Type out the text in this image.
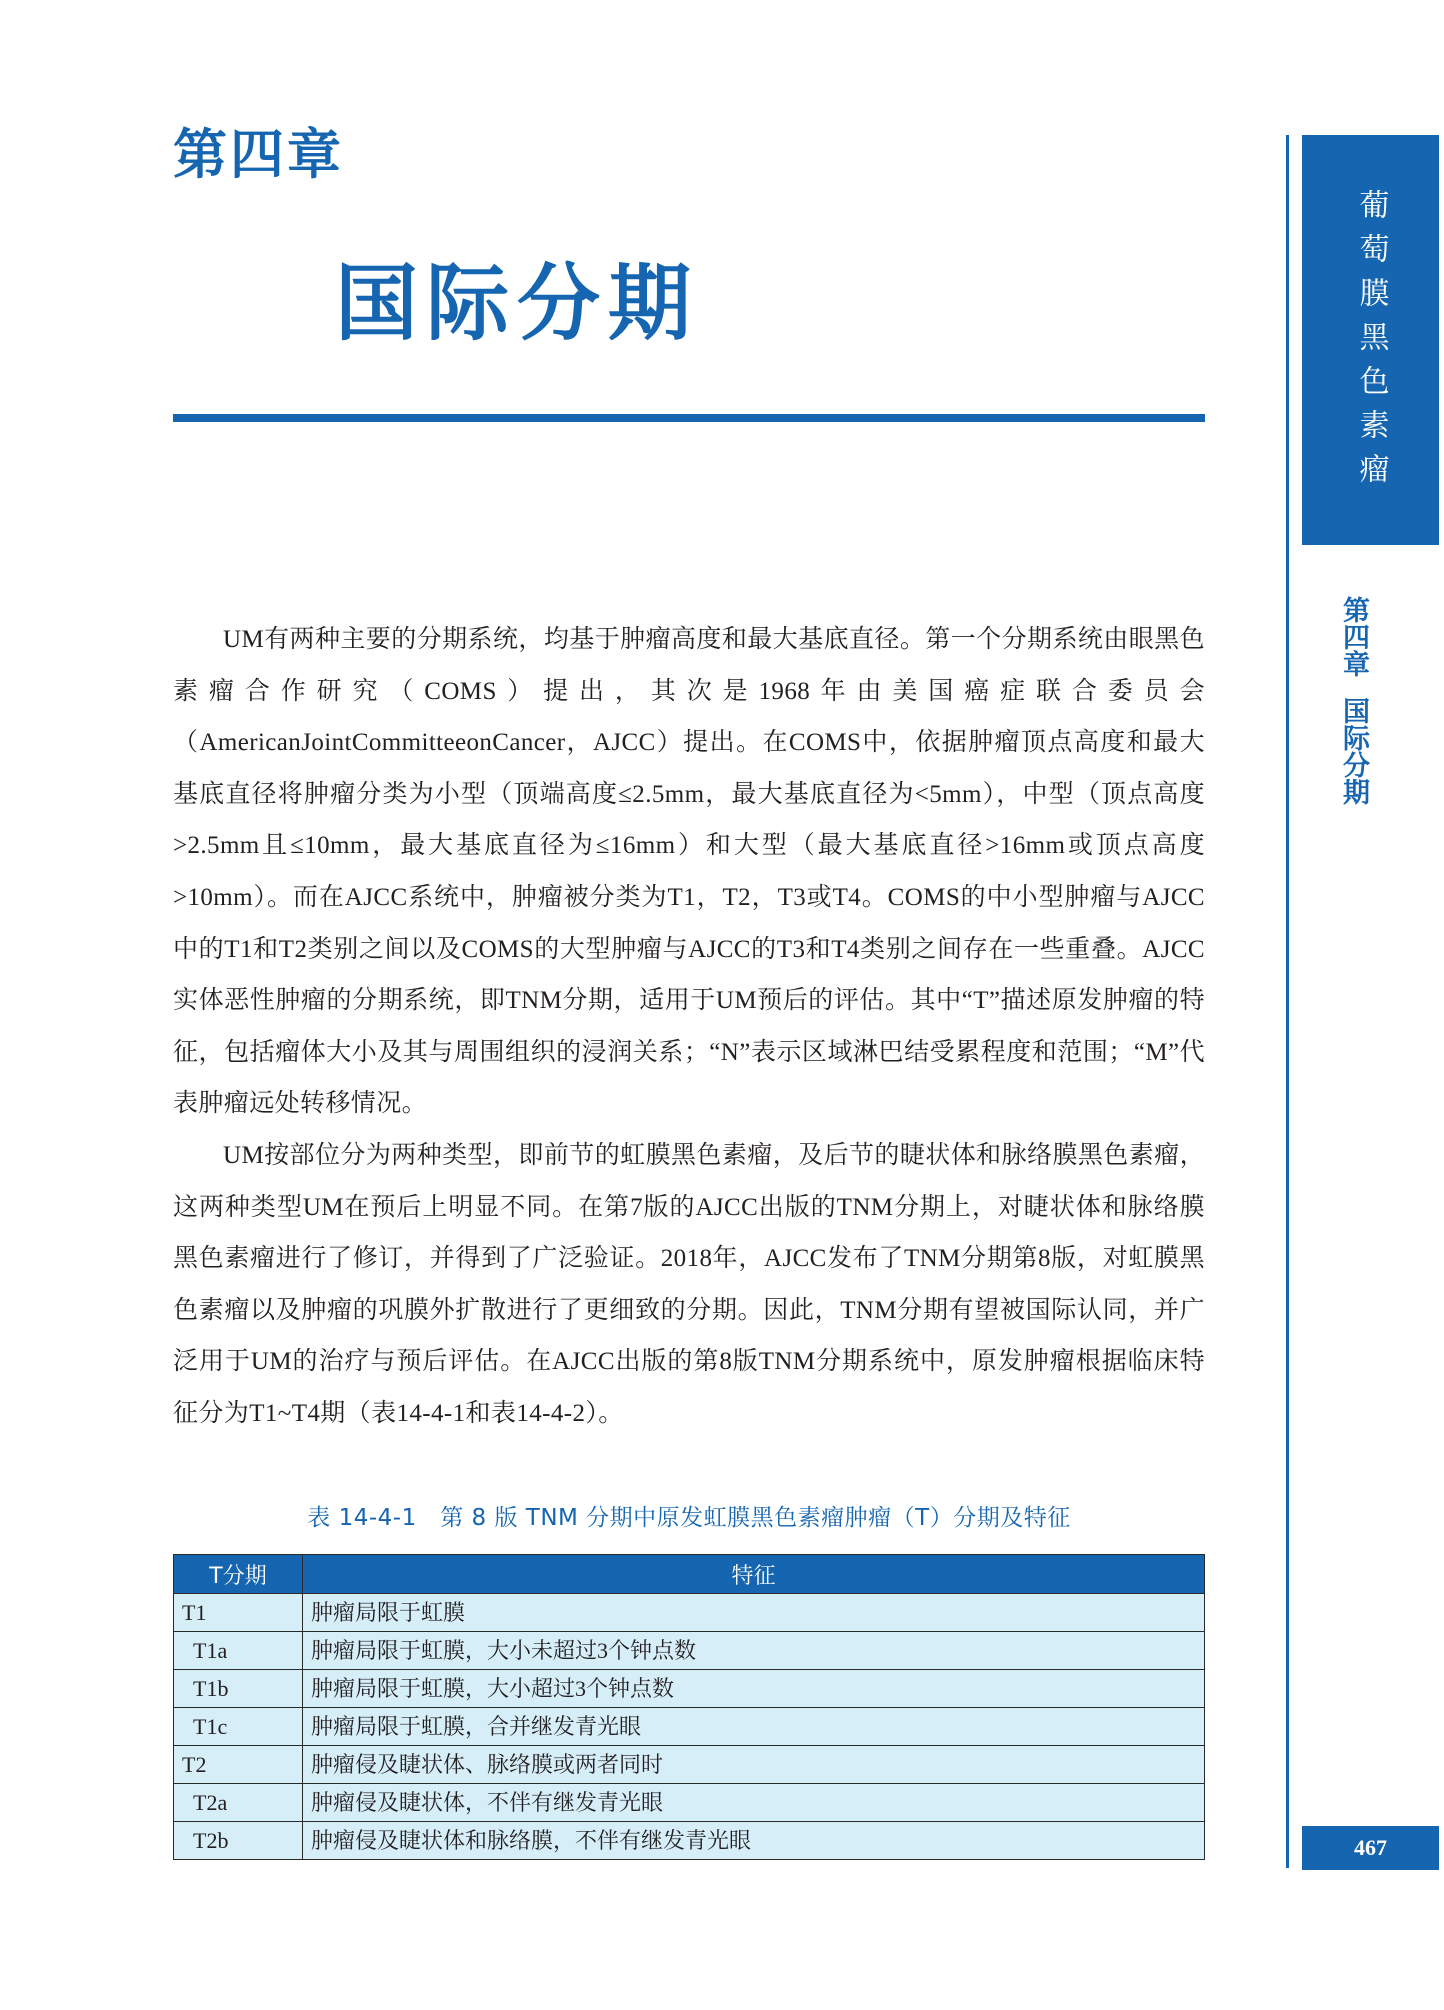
第四章
国际分期	葡萄膜黑色素瘤
第四章
国际分期
467

UM有两种主要的分期系统，均基于肿瘤高度和最大基底直径。第一个分期系统由眼黑色素瘤合作研究（COMS）提出，其次是1968年由美国癌症联合委员会（AmericanJointCommitteeonCancer，AJCC）提出。在COMS中，依据肿瘤顶点高度和最大基底直径将肿瘤分类为小型（顶端高度≤2.5mm，最大基底直径为<5mm），中型（顶点高度>2.5mm且≤10mm，最大基底直径为≤16mm）和大型（最大基底直径>16mm或顶点高度>10mm）。而在AJCC系统中，肿瘤被分类为T1，T2，T3或T4。COMS的中小型肿瘤与AJCC中的T1和T2类别之间以及COMS的大型肿瘤与AJCC的T3和T4类别之间存在一些重叠。AJCC实体恶性肿瘤的分期系统，即TNM分期，适用于UM预后的评估。其中“T”描述原发肿瘤的特征，包括瘤体大小及其与周围组织的浸润关系；“N”表示区域淋巴结受累程度和范围；“M”代表肿瘤远处转移情况。

UM按部位分为两种类型，即前节的虹膜黑色素瘤，及后节的睫状体和脉络膜黑色素瘤，这两种类型UM在预后上明显不同。在第7版的AJCC出版的TNM分期上，对睫状体和脉络膜黑色素瘤进行了修订，并得到了广泛验证。2018年，AJCC发布了TNM分期第8版，对虹膜黑色素瘤以及肿瘤的巩膜外扩散进行了更细致的分期。因此，TNM分期有望被国际认同，并广泛用于UM的治疗与预后评估。在AJCC出版的第8版TNM分期系统中，原发肿瘤根据临床特征分为T1~T4期（表14-4-1和表14-4-2）。

表 14-4-1　第 8 版 TNM 分期中原发虹膜黑色素瘤肿瘤（T）分期及特征
T分期	特征
T1	肿瘤局限于虹膜
T1a	肿瘤局限于虹膜，大小未超过3个钟点数
T1b	肿瘤局限于虹膜，大小超过3个钟点数
T1c	肿瘤局限于虹膜，合并继发青光眼
T2	肿瘤侵及睫状体、脉络膜或两者同时
T2a	肿瘤侵及睫状体，不伴有继发青光眼
T2b	肿瘤侵及睫状体和脉络膜，不伴有继发青光眼
